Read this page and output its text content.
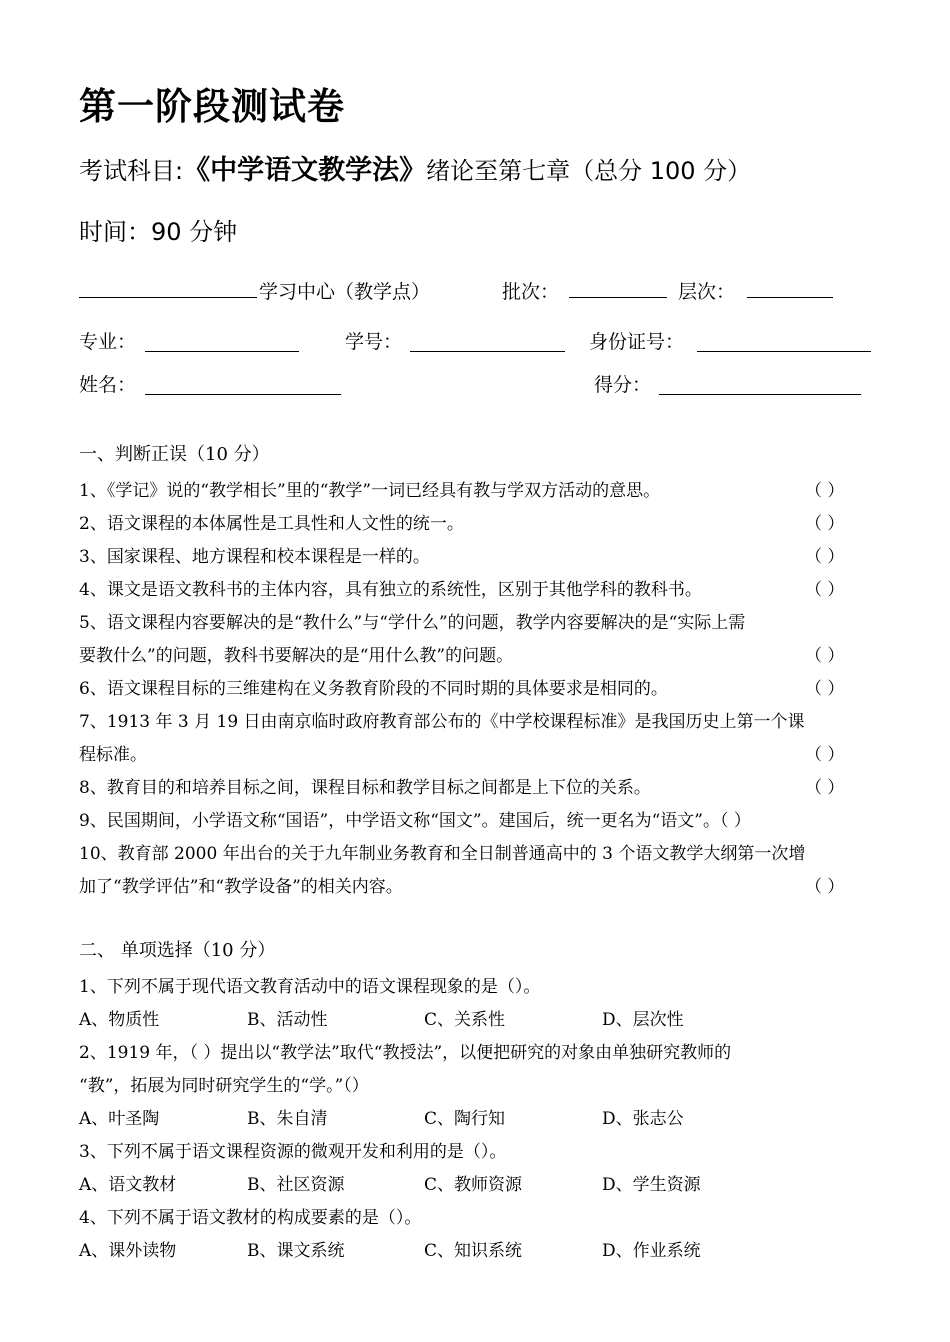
第一阶段测试卷
考试科目:《中学语文教学法》绪论至第七章（总分 100 分）
时间：90 分钟
学习中心（教学点）	批次：	层次：
专业：	学号：	身份证号：
姓名：	得分：
一、判断正误（10 分）
1、《学记》说的“教学相长”里的“教学”一词已经具有教与学双方活动的意思。	（ ）
2、语文课程的本体属性是工具性和人文性的统一。	（ ）
3、国家课程、地方课程和校本课程是一样的。	（ ）
4、课文是语文教科书的主体内容，具有独立的系统性，区别于其他学科的教科书。	（ ）
5、语文课程内容要解决的是“教什么”与“学什么”的问题，教学内容要解决的是“实际上需
要教什么”的问题，教科书要解决的是“用什么教”的问题。	（ ）
6、语文课程目标的三维建构在义务教育阶段的不同时期的具体要求是相同的。	（ ）
7、1913 年 3 月 19 日由南京临时政府教育部公布的《中学校课程标准》是我国历史上第一个课
程标准。	（ ）
8、教育目的和培养目标之间，课程目标和教学目标之间都是上下位的关系。	（ ）
9、民国期间，小学语文称“国语”，中学语文称“国文”。建国后，统一更名为“语文”。（ ）
10、教育部 2000 年出台的关于九年制业务教育和全日制普通高中的 3 个语文教学大纲第一次增
加了“教学评估”和“教学设备”的相关内容。	（ ）
二、 单项选择（10 分）
1、下列不属于现代语文教育活动中的语文课程现象的是（）。
A、物质性	B、活动性	C、关系性	D、层次性
2、1919 年，（ ）提出以“教学法”取代“教授法”，以便把研究的对象由单独研究教师的
“教”，拓展为同时研究学生的“学。”（）
A、叶圣陶	B、朱自清	C、陶行知	D、张志公
3、下列不属于语文课程资源的微观开发和利用的是（）。
A、语文教材	B、社区资源	C、教师资源	D、学生资源
4、下列不属于语文教材的构成要素的是（）。
A、课外读物	B、课文系统	C、知识系统	D、作业系统
